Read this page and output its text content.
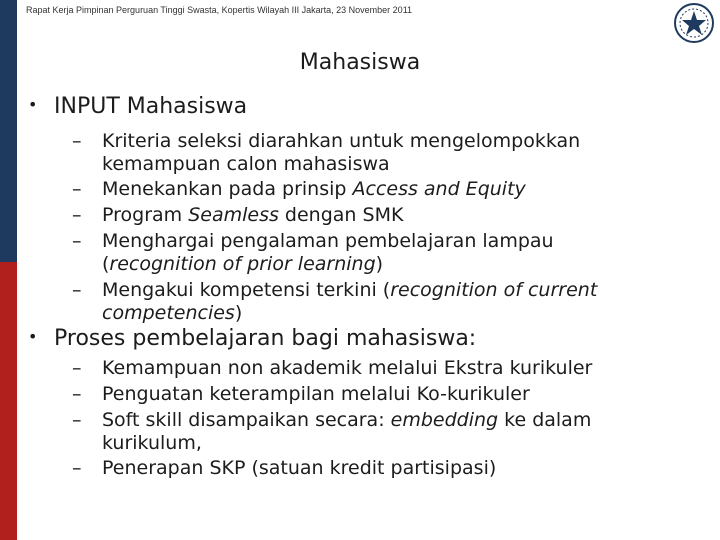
Rapat Kerja Pimpinan Perguruan Tinggi Swasta, Kopertis Wilayah III Jakarta, 23 November 2011
Mahasiswa
• INPUT Mahasiswa
– Kriteria seleksi diarahkan untuk mengelompokkan
kemampuan calon mahasiswa
– Menekankan pada prinsip Access and Equity
– Program Seamless dengan SMK
– Menghargai pengalaman pembelajaran lampau
(recognition of prior learning)
– Mengakui kompetensi terkini (recognition of current
competencies)
• Proses pembelajaran bagi mahasiswa:
– Kemampuan non akademik melalui Ekstra kurikuler
– Penguatan keterampilan melalui Ko-kurikuler
– Soft skill disampaikan secara: embedding ke dalam
kurikulum,
– Penerapan SKP (satuan kredit partisipasi)
